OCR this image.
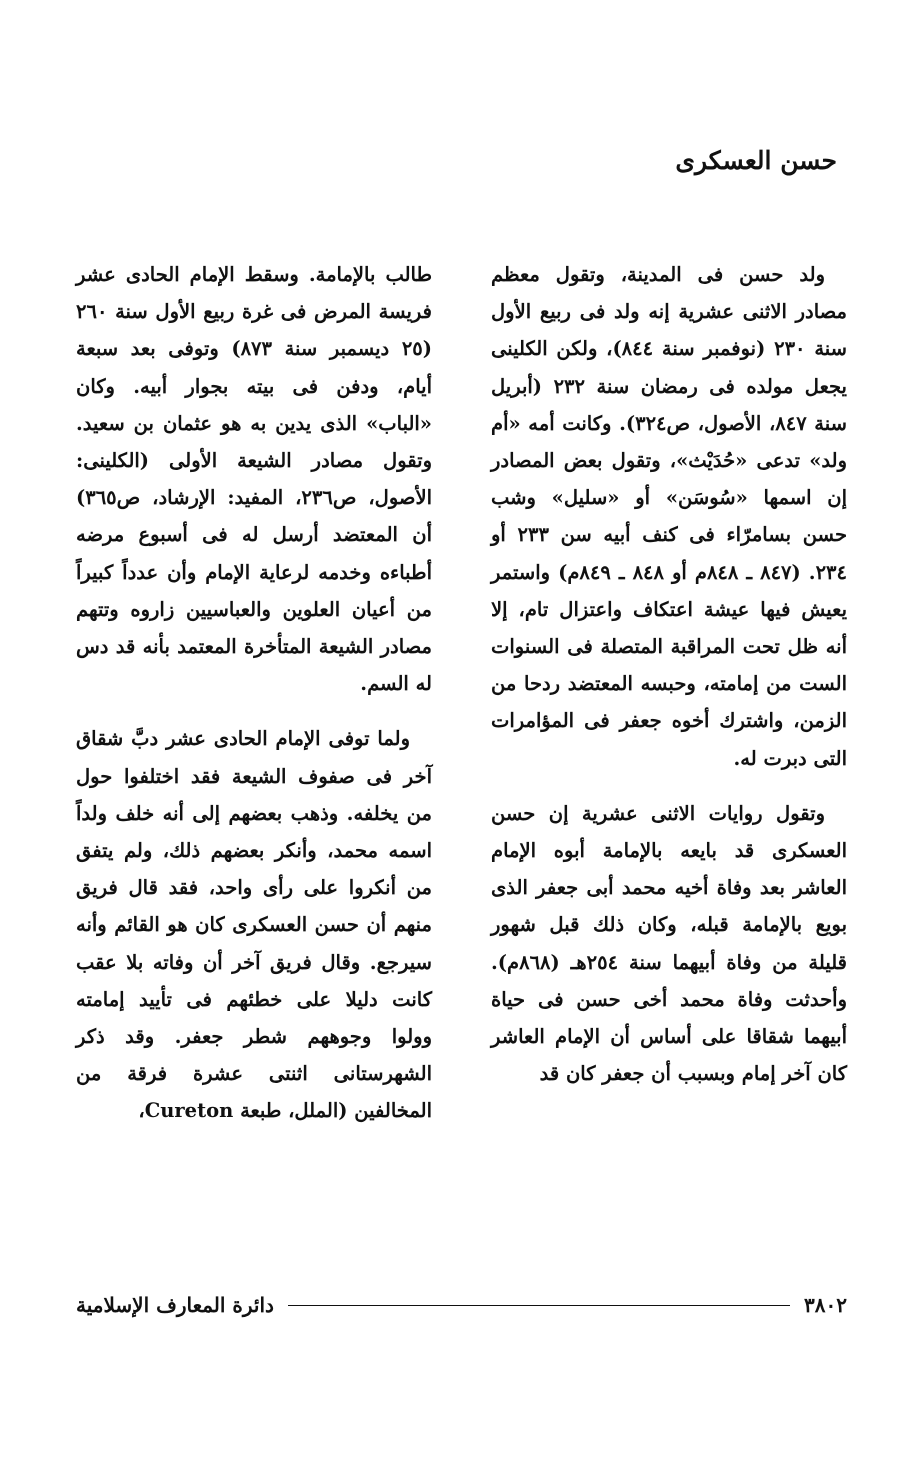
حسن العسكرى

ولد حسن فى المدينة، وتقول معظم مصادر الاثنى عشرية إنه ولد فى ربيع الأول سنة ٢٣٠ (نوفمبر سنة ٨٤٤)، ولكن الكلينى يجعل مولده فى رمضان سنة ٢٣٢ (أبريل سنة ٨٤٧، الأصول، ص٣٢٤). وكانت أمه «أم ولد» تدعى «حُدَيْث»، وتقول بعض المصادر إن اسمها «سُوسَن» أو «سليل» وشب حسن بسامرّاء فى كنف أبيه سن ٢٣٣ أو ٢٣٤. (٨٤٧ ـ ٨٤٨م أو ٨٤٨ ـ ٨٤٩م) واستمر يعيش فيها عيشة اعتكاف واعتزال تام، إلا أنه ظل تحت المراقبة المتصلة فى السنوات الست من إمامته، وحبسه المعتضد ردحا من الزمن، واشترك أخوه جعفر فى المؤامرات التى دبرت له.

وتقول روايات الاثنى عشرية إن حسن العسكرى قد بايعه بالإمامة أبوه الإمام العاشر بعد وفاة أخيه محمد أبى جعفر الذى بويع بالإمامة قبله، وكان ذلك قبل شهور قليلة من وفاة أبيهما سنة ٢٥٤هـ (٨٦٨م). وأحدثت وفاة محمد أخى حسن فى حياة أبيهما شقاقا على أساس أن الإمام العاشر كان آخر إمام وبسبب أن جعفر كان قد

طالب بالإمامة. وسقط الإمام الحادى عشر فريسة المرض فى غرة ربيع الأول سنة ٢٦٠ (٢٥ ديسمبر سنة ٨٧٣) وتوفى بعد سبعة أيام، ودفن فى بيته بجوار أبيه. وكان «الباب» الذى يدين به هو عثمان بن سعيد. وتقول مصادر الشيعة الأولى (الكلينى: الأصول، ص٢٣٦، المفيد: الإرشاد، ص٣٦٥) أن المعتضد أرسل له فى أسبوع مرضه أطباءه وخدمه لرعاية الإمام وأن عدداً كبيراً من أعيان العلوين والعباسيين زاروه وتتهم مصادر الشيعة المتأخرة المعتمد بأنه قد دس له السم.

ولما توفى الإمام الحادى عشر دبَّ شقاق آخر فى صفوف الشيعة فقد اختلفوا حول من يخلفه. وذهب بعضهم إلى أنه خلف ولداً اسمه محمد، وأنكر بعضهم ذلك، ولم يتفق من أنكروا على رأى واحد، فقد قال فريق منهم أن حسن العسكرى كان هو القائم وأنه سيرجع. وقال فريق آخر أن وفاته بلا عقب كانت دليلا على خطئهم فى تأييد إمامته وولوا وجوههم شطر جعفر. وقد ذكر الشهرستانى اثنتى عشرة فرقة من المخالفين (الملل، طبعة Cureton،

٣٨٠٢
دائرة المعارف الإسلامية
